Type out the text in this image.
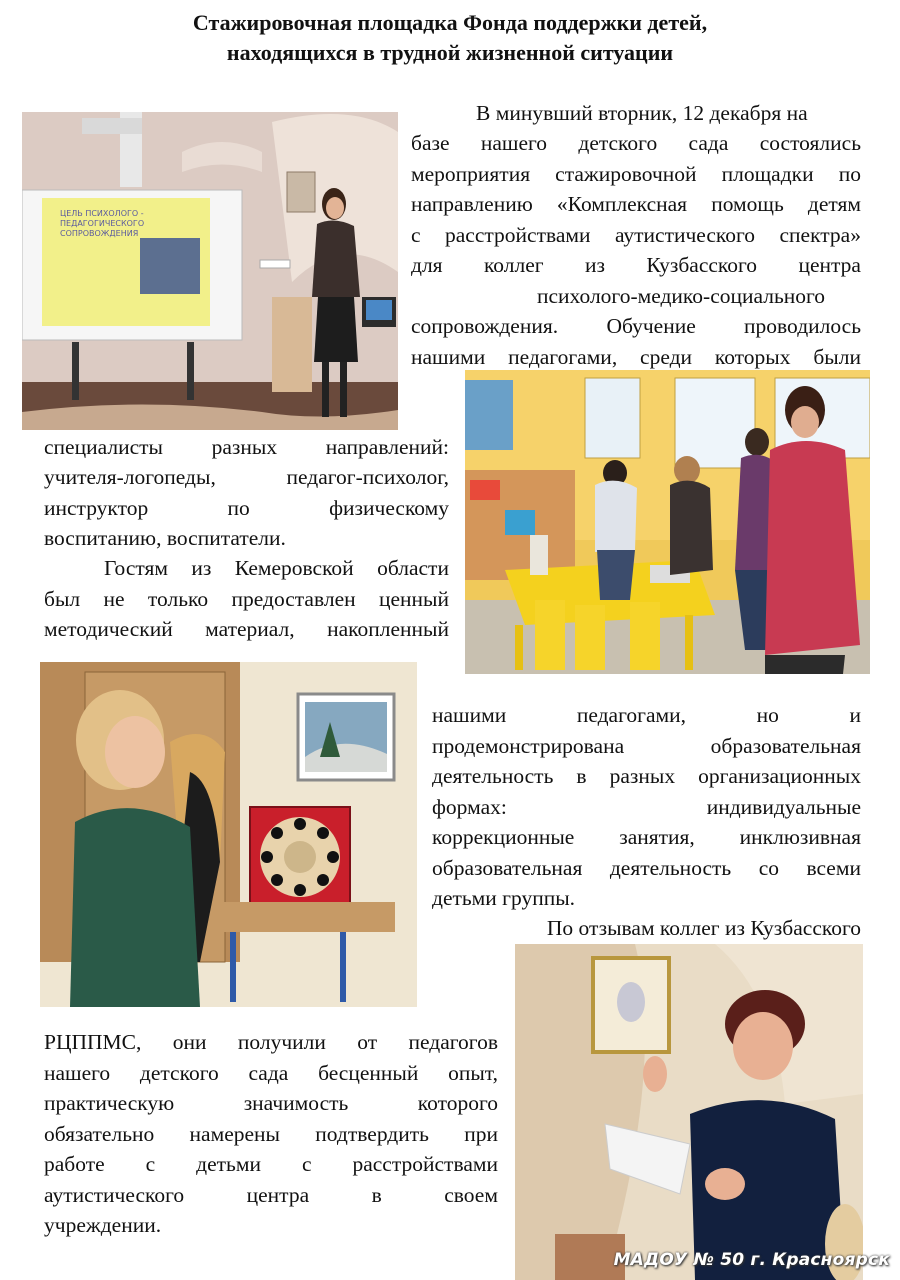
Стажировочная площадка Фонда поддержки детей,
находящихся в трудной жизненной ситуации
ЦЕЛЬ ПСИХОЛОГО - ПЕДАГОГИЧЕСКОГО СОПРОВОЖДЕНИЯ
В минувший вторник, 12 декабря на
базе нашего детского сада состоялись
мероприятия стажировочной площадки по
направлению «Комплексная помощь детям
с расстройствами аутистического спектра»
для коллег из Кузбасского центра
психолого-медико-социального
сопровождения. Обучение проводилось
нашими педагогами, среди которых были
специалисты разных направлений:
учителя-логопеды,	педагог-психолог,
инструктор	по	физическому
воспитанию, воспитатели.
Гостям из Кемеровской области
был не только предоставлен ценный
методический материал, накопленный
нашими	педагогами,	но	и
продемонстрирована	образовательная
деятельность в разных организационных
формах:	индивидуальные
коррекционные занятия, инклюзивная
образовательная деятельность со всеми
детьми группы.
По отзывам коллег из Кузбасского
РЦППМС, они получили от педагогов
нашего детского сада бесценный опыт,
практическую	значимость	которого
обязательно намерены подтвердить при
работе с детьми с расстройствами
аутистического	центра	в	своем
учреждении.
МАДОУ № 50 г. Красноярск
